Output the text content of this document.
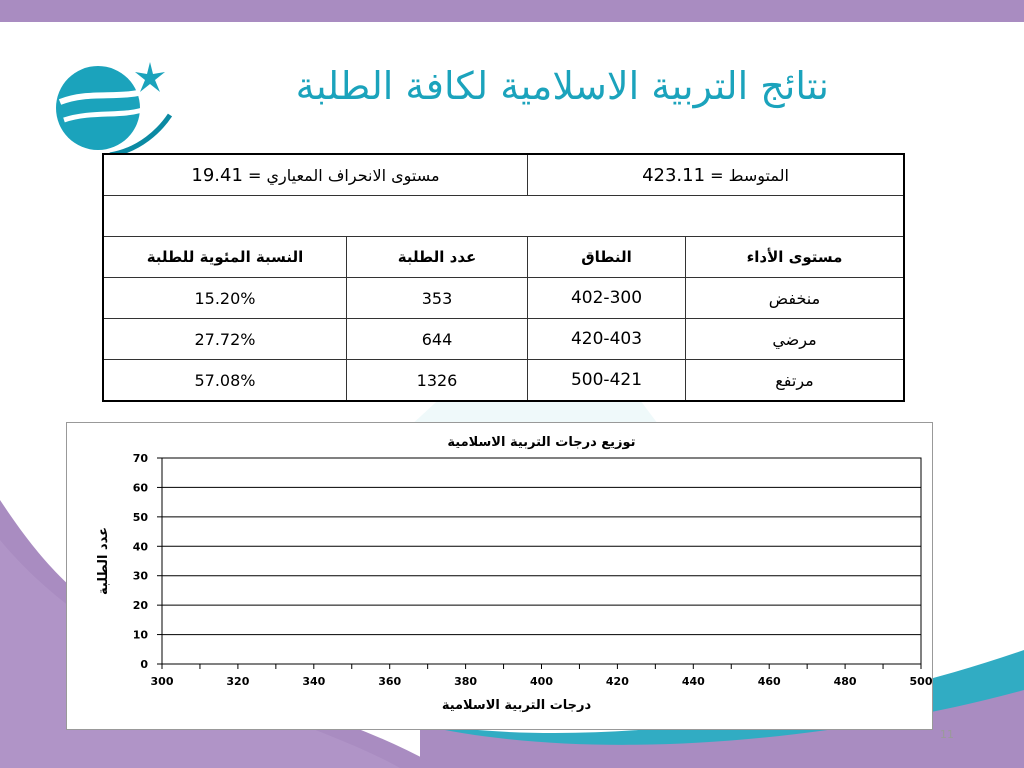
نتائج التربية الاسلامية لكافة الطلبة
المتوسط = 423.11		مستوى الانحراف المعياري = 19.41	

مستوى الأداء	النطاق	عدد الطلبة	النسبة المئوية للطلبة
منخفض	402-300	353	15.20%
مرضي	420-403	644	27.72%
مرتفع	500-421	1326	57.08%
توزيع درجات التربية الاسلامية
0
10
20
30
40
50
60
70
300	320	340	360	380	400	420	440	460	480	500
درجات التربية الاسلامية
عدد الطلبة
11
